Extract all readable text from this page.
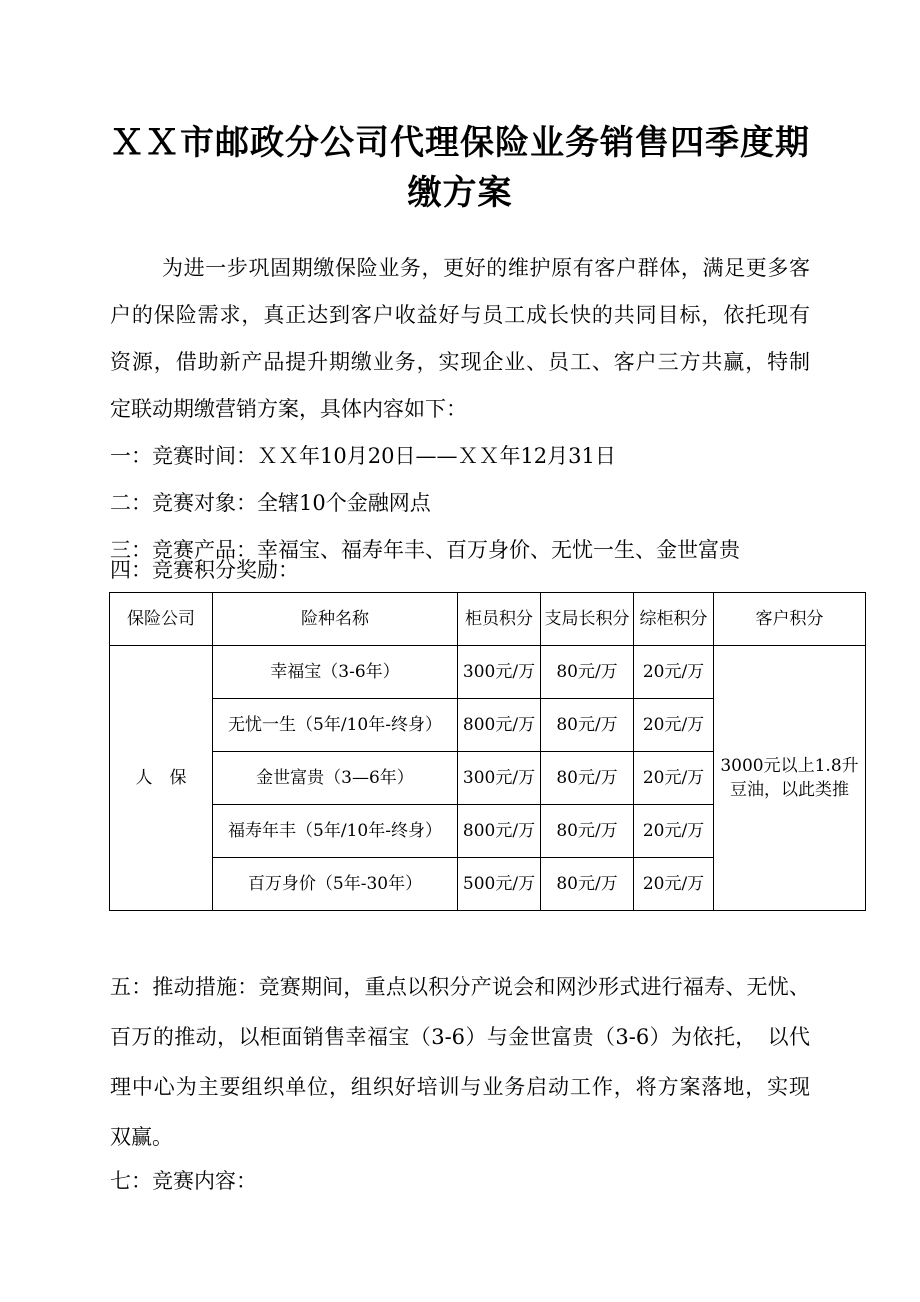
ＸＸ市邮政分公司代理保险业务销售四季度期
缴方案
为进一步巩固期缴保险业务，更好的维护原有客户群体，满足更多客
户的保险需求，真正达到客户收益好与员工成长快的共同目标，依托现有
资源，借助新产品提升期缴业务，实现企业、员工、客户三方共赢，特制
定联动期缴营销方案，具体内容如下：
一：竞赛时间：ＸＸ年10月20日——ＸＸ年12月31日
二：竞赛对象：全辖10个金融网点
三：竞赛产品：幸福宝、福寿年丰、百万身价、无忧一生、金世富贵
四：竞赛积分奖励：
保险公司	险种名称	柜员积分	支局长积分	综柜积分	客户积分
人　保	幸福宝（3-6年）	300元/万	80元/万	20元/万	3000元以上1.8升豆油，以此类推
	无忧一生（5年/10年-终身）	800元/万	80元/万	20元/万	
	金世富贵（3—6年）	300元/万	80元/万	20元/万	
	福寿年丰（5年/10年-终身）	800元/万	80元/万	20元/万	
	百万身价（5年-30年）	500元/万	80元/万	20元/万	
五：推动措施：竞赛期间，重点以积分产说会和网沙形式进行福寿、无忧、
百万的推动，以柜面销售幸福宝（3-6）与金世富贵（3-6）为依托，　以代
理中心为主要组织单位，组织好培训与业务启动工作，将方案落地，实现
双赢。
七：竞赛内容：
